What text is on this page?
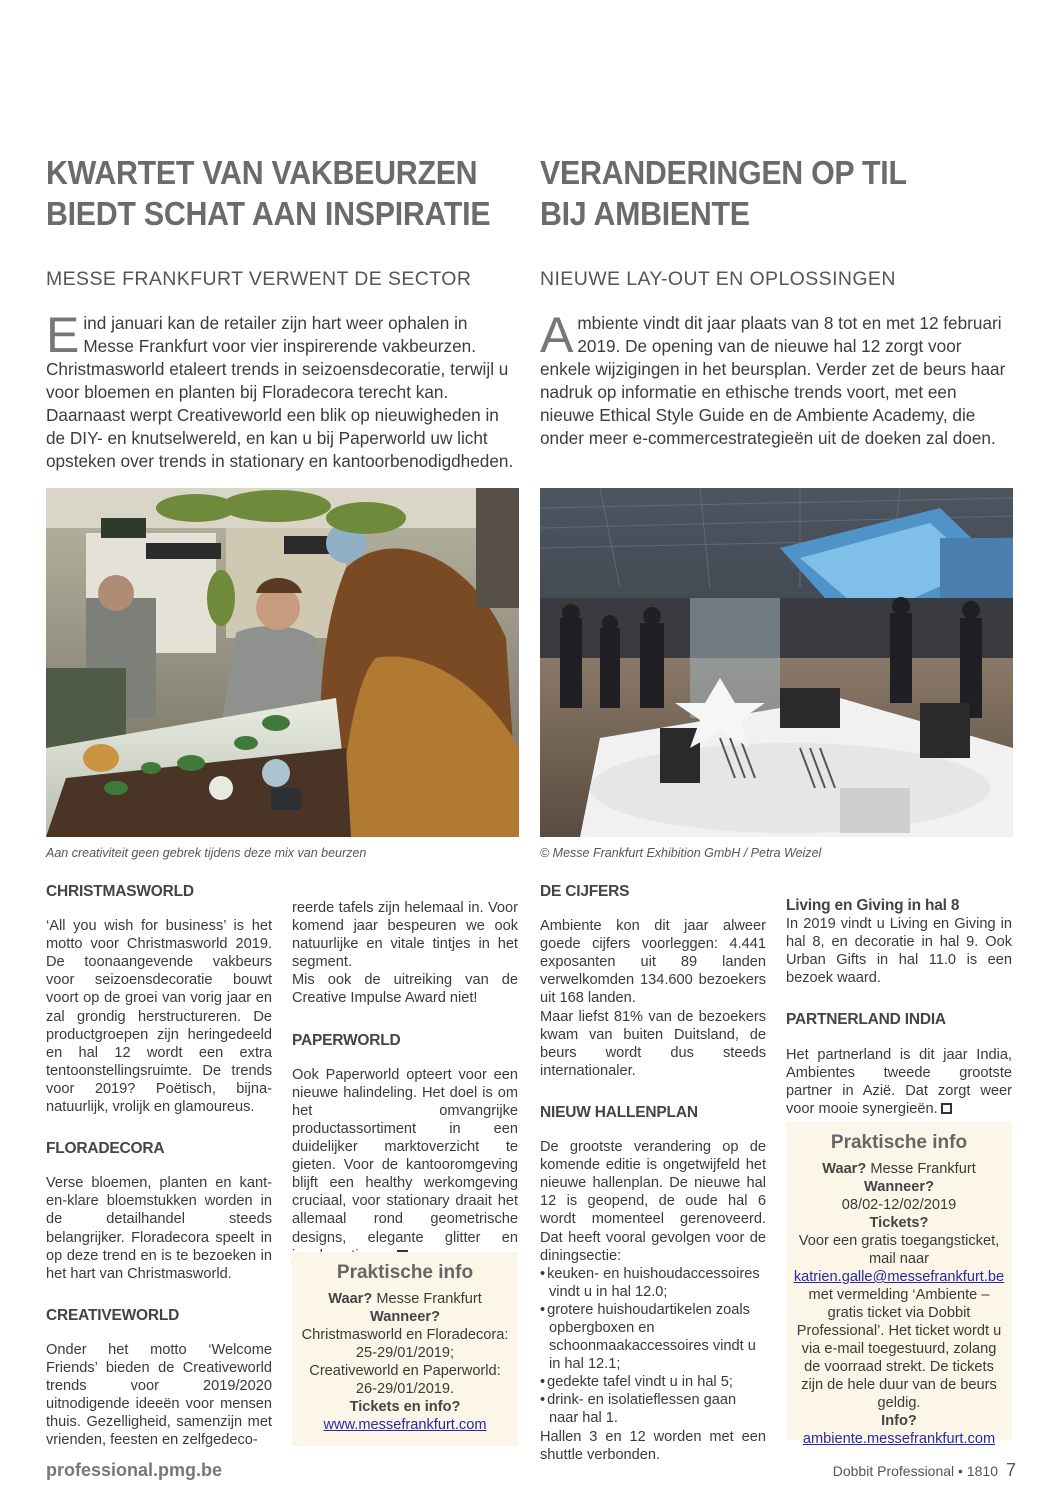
KWARTET VAN VAKBEURZEN
BIEDT SCHAT AAN INSPIRATIE
MESSE FRANKFURT VERWENT DE SECTOR
Eind januari kan de retailer zijn hart weer ophalen in Messe Frankfurt voor vier inspirerende vakbeurzen. Christmasworld etaleert trends in seizoensdecoratie, terwijl u voor bloemen en planten bij Floradecora terecht kan. Daarnaast werpt Creativeworld een blik op nieuwigheden in de DIY- en knutselwereld, en kan u bij Paperworld uw licht opsteken over trends in stationary en kantoorbenodigdheden.
VERANDERINGEN OP TIL
BIJ AMBIENTE
NIEUWE LAY-OUT EN OPLOSSINGEN
Ambiente vindt dit jaar plaats van 8 tot en met 12 februari 2019. De opening van de nieuwe hal 12 zorgt voor enkele wijzigingen in het beursplan. Verder zet de beurs haar nadruk op informatie en ethische trends voort, met een nieuwe Ethical Style Guide en de Ambiente Academy, die onder meer e-commercestrategieën uit de doeken zal doen.
Aan creativiteit geen gebrek tijdens deze mix van beurzen	© Messe Frankfurt Exhibition GmbH / Petra Weizel
CHRISTMASWORLD

‘All you wish for business’ is het motto voor Christmasworld 2019. De toonaangevende vakbeurs voor seizoensdecoratie bouwt voort op de groei van vorig jaar en zal grondig herstructureren. De productgroepen zijn heringedeeld en hal 12 wordt een extra tentoonstellingsruimte. De trends voor 2019? Poëtisch, bijna-natuurlijk, vrolijk en glamoureus.

FLORADECORA

Verse bloemen, planten en kant-en-klare bloemstukken worden in de detailhandel steeds belangrijker. Floradecora speelt in op deze trend en is te bezoeken in het hart van Christmasworld.

CREATIVEWORLD

Onder het motto ‘Welcome Friends’ bieden de Creativeworld trends voor 2019/2020 uitnodigende ideeën voor mensen thuis. Gezelligheid, samenzijn met vrienden, feesten en zelfgedeco-

reerde tafels zijn helemaal in. Voor komend jaar bespeuren we ook natuurlijke en vitale tintjes in het segment.

Mis ook de uitreiking van de Creative Impulse Award niet!

PAPERWORLD

Ook Paperworld opteert voor een nieuwe halindeling. Het doel is om het omvangrijke productassortiment in een duidelijker marktoverzicht te gieten. Voor de kantooromgeving blijft een healthy werkomgeving cruciaal, voor stationary draait het allemaal rond geometrische designs, elegante glitter en

Praktische info
Waar? Messe Frankfurt
Wanneer?
Christmasworld en Floradecora:
25-29/01/2019;
Creativeworld en Paperworld:
26-29/01/2019.
Tickets en info?
www.messefrankfurt.com
DE CIJFERS

Ambiente kon dit jaar alweer goede cijfers voorleggen: 4.441 exposanten uit 89 landen verwelkomden 134.600 bezoekers uit 168 landen.

Maar liefst 81% van de bezoekers kwam van buiten Duitsland, de beurs wordt dus steeds internationaler.

NIEUW HALLENPLAN

De grootste verandering op de komende editie is ongetwijfeld het nieuwe hallenplan. De nieuwe hal 12 is geopend, de oude hal 6 wordt momenteel gerenoveerd. Dat heeft vooral gevolgen voor de diningsectie:

• keuken- en huishoudaccessoires vindt u in hal 12.0;
• grotere huishoudartikelen zoals opbergboxen en schoonmaakaccessoires vindt u in hal 12.1;
• gedekte tafel vindt u in hal 5;
• drink- en isolatieflessen gaan naar hal 1.

Hallen 3 en 12 worden met een shuttle verbonden.

Living en Giving in hal 8

In 2019 vindt u Living en Giving in hal 8, en decoratie in hal 9. Ook Urban Gifts in hal 11.0 is een bezoek waard.

PARTNERLAND INDIA

Het partnerland is dit jaar India, Ambientes tweede grootste partner in Azië. Dat zorgt weer voor mooie synergieën.

Praktische info
Waar? Messe Frankfurt
Wanneer?
08/02-12/02/2019
Tickets?
Voor een gratis toegangsticket, mail naar katrien.galle@messefrankfurt.be met vermelding ‘Ambiente – gratis ticket via Dobbit Professional’. Het ticket wordt u via e-mail toegestuurd, zolang de voorraad strekt. De tickets zijn de hele duur van de beurs geldig.
Info?
ambiente.messefrankfurt.com
professional.pmg.be	Dobbit Professional • 1810 7
